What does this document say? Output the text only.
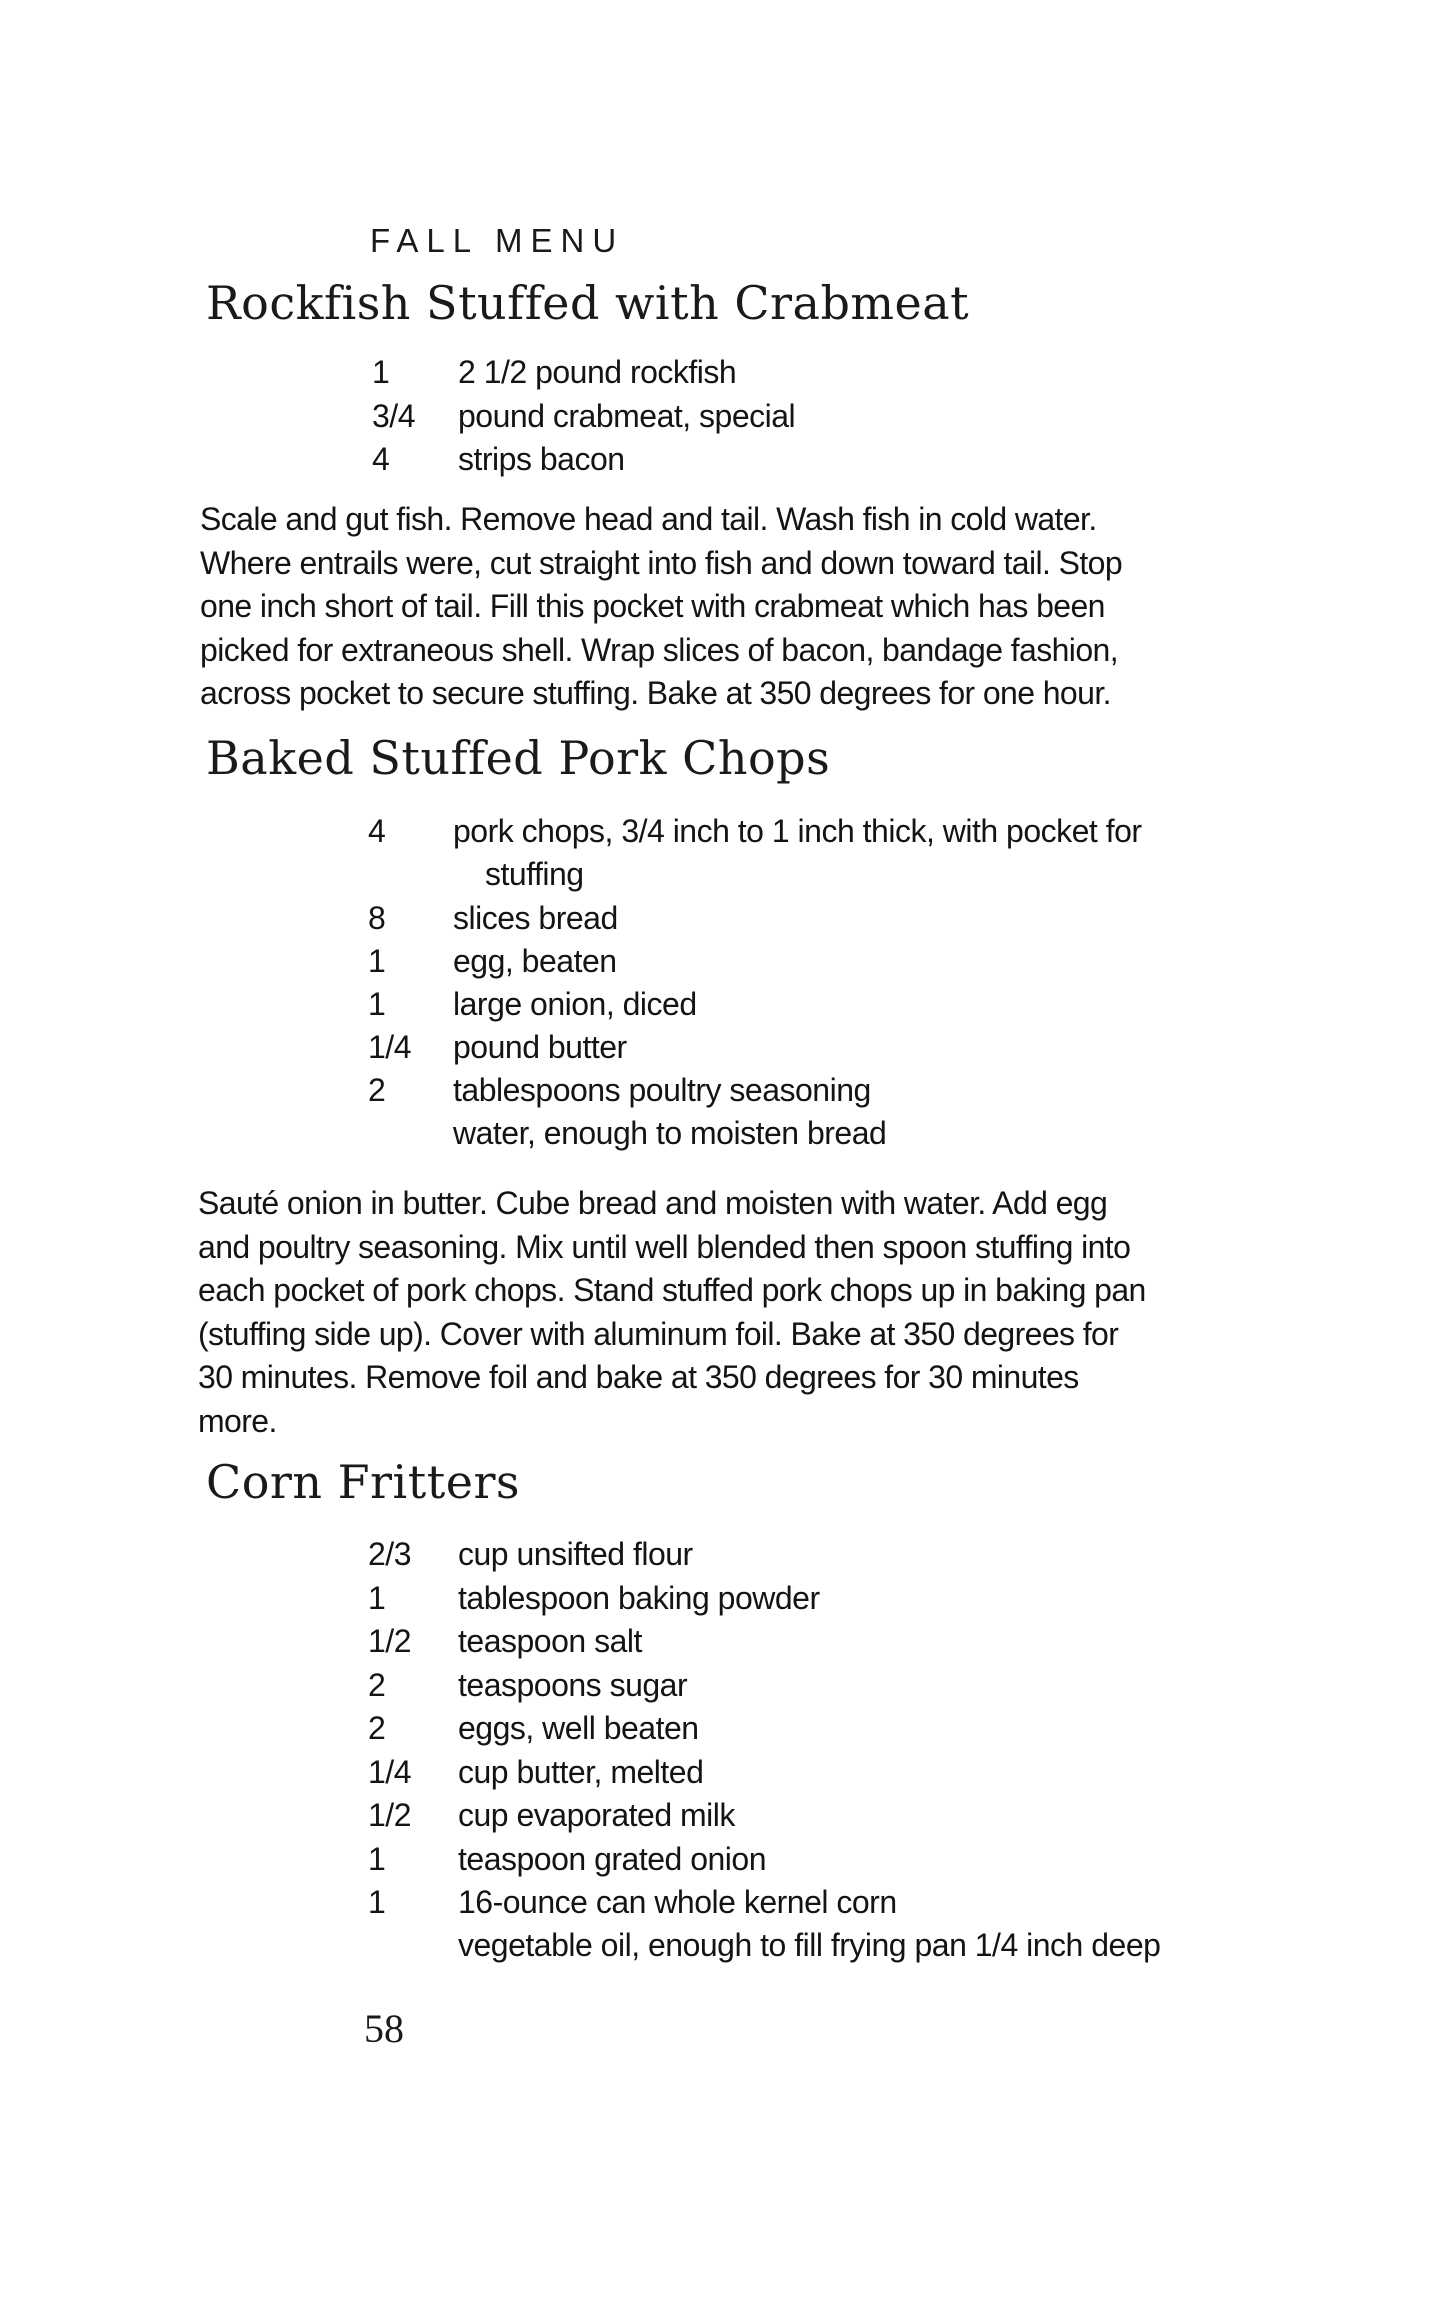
FALL MENU
Rockfish Stuffed with Crabmeat
1 2 1/2 pound rockfish
3/4 pound crabmeat, special
4 strips bacon
Scale and gut fish. Remove head and tail. Wash fish in cold water.
Where entrails were, cut straight into fish and down toward tail. Stop
one inch short of tail. Fill this pocket with crabmeat which has been
picked for extraneous shell. Wrap slices of bacon, bandage fashion,
across pocket to secure stuffing. Bake at 350 degrees for one hour.
Baked Stuffed Pork Chops
4 pork chops, 3/4 inch to 1 inch thick, with pocket for
stuffing
8 slices bread
1 egg, beaten
1 large onion, diced
1/4 pound butter
2 tablespoons poultry seasoning
water, enough to moisten bread
Sauté onion in butter. Cube bread and moisten with water. Add egg
and poultry seasoning. Mix until well blended then spoon stuffing into
each pocket of pork chops. Stand stuffed pork chops up in baking pan
(stuffing side up). Cover with aluminum foil. Bake at 350 degrees for
30 minutes. Remove foil and bake at 350 degrees for 30 minutes
more.
Corn Fritters
2/3 cup unsifted flour
1 tablespoon baking powder
1/2 teaspoon salt
2 teaspoons sugar
2 eggs, well beaten
1/4 cup butter, melted
1/2 cup evaporated milk
1 teaspoon grated onion
1 16-ounce can whole kernel corn
vegetable oil, enough to fill frying pan 1/4 inch deep
58
